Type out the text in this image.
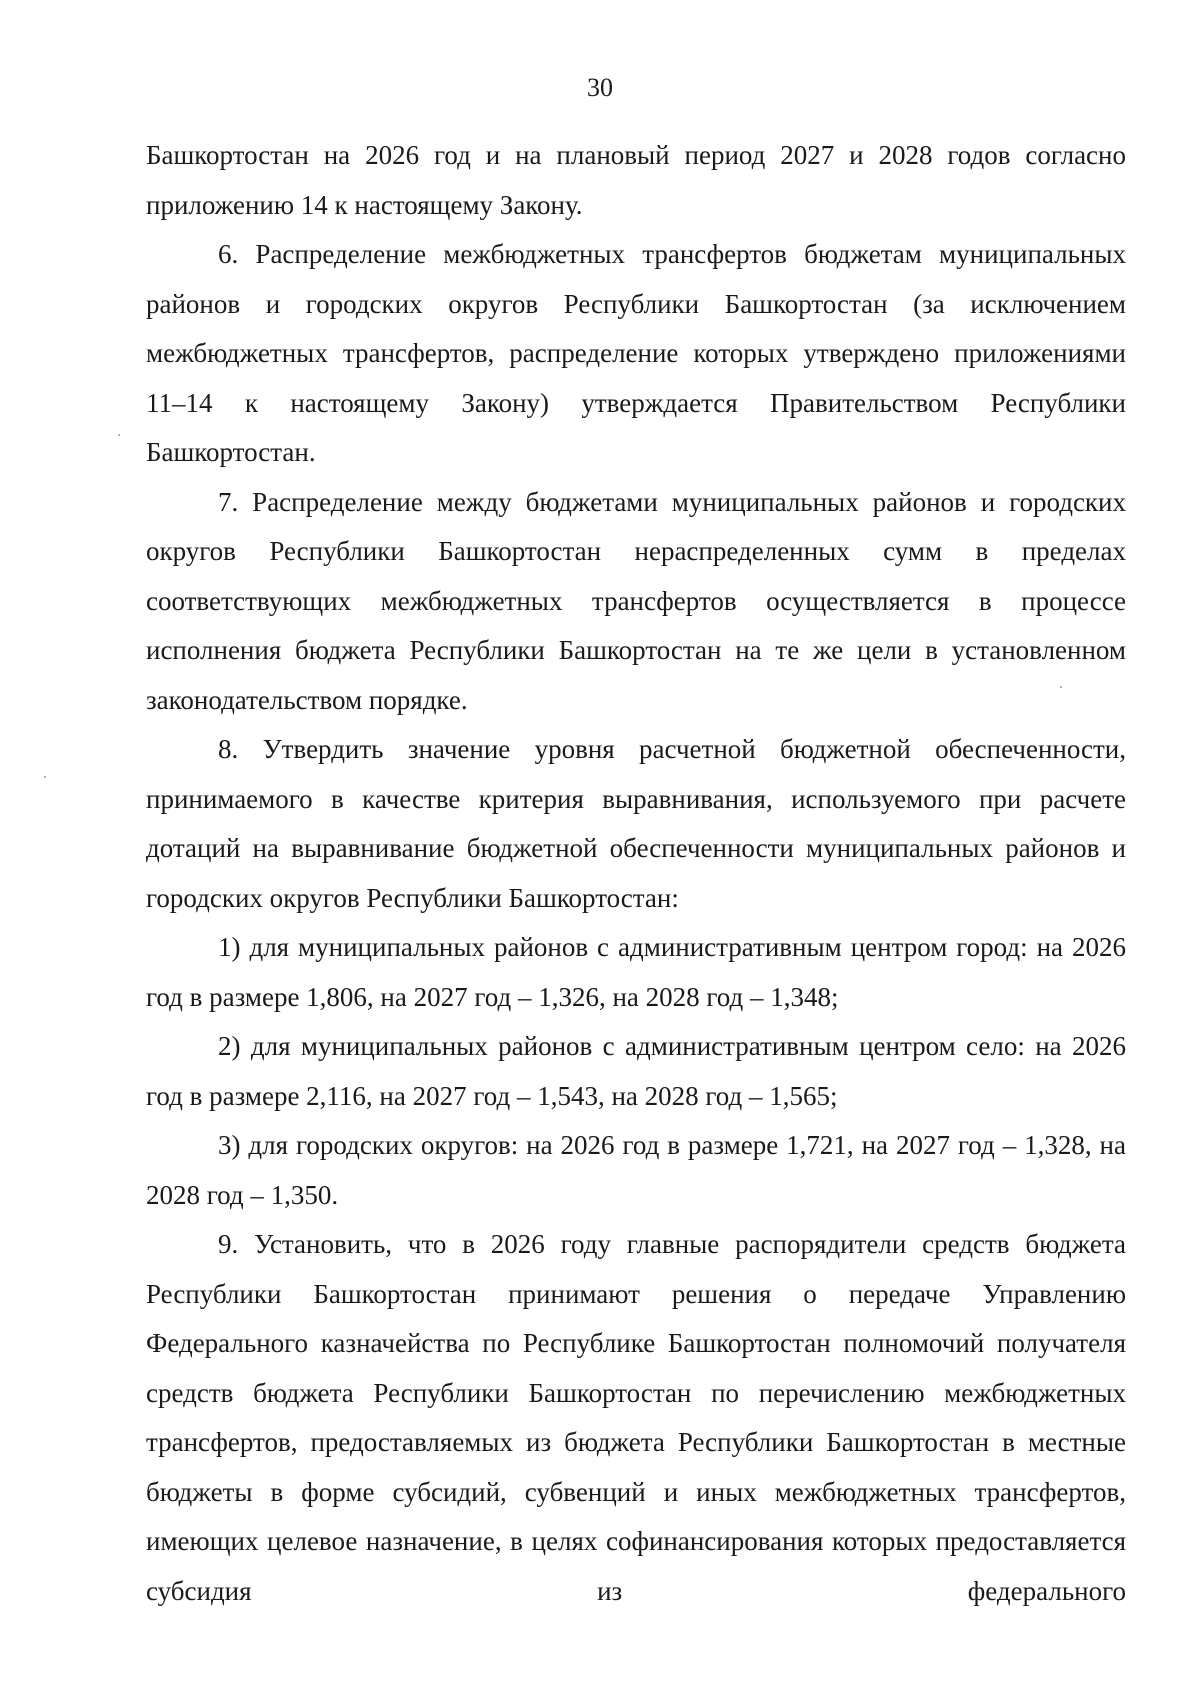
30

Башкортостан на 2026 год и на плановый период 2027 и 2028 годов согласно приложению 14 к настоящему Закону.

6. Распределение межбюджетных трансфертов бюджетам муниципальных районов и городских округов Республики Башкортостан (за исключением межбюджетных трансфертов, распределение которых утверждено приложениями 11–14 к настоящему Закону) утверждается Правительством Республики Башкортостан.

7. Распределение между бюджетами муниципальных районов и городских округов Республики Башкортостан нераспределенных сумм в пределах соответствующих межбюджетных трансфертов осуществляется в процессе исполнения бюджета Республики Башкортостан на те же цели в установленном законодательством порядке.

8. Утвердить значение уровня расчетной бюджетной обеспеченности, принимаемого в качестве критерия выравнивания, используемого при расчете дотаций на выравнивание бюджетной обеспеченности муниципальных районов и городских округов Республики Башкортостан:

1) для муниципальных районов с административным центром город: на 2026 год в размере 1,806, на 2027 год – 1,326, на 2028 год – 1,348;

2) для муниципальных районов с административным центром село: на 2026 год в размере 2,116, на 2027 год – 1,543, на 2028 год – 1,565;

3) для городских округов: на 2026 год в размере 1,721, на 2027 год – 1,328, на 2028 год – 1,350.

9. Установить, что в 2026 году главные распорядители средств бюджета Республики Башкортостан принимают решения о передаче Управлению Федерального казначейства по Республике Башкортостан полномочий получателя средств бюджета Республики Башкортостан по перечислению межбюджетных трансфертов, предоставляемых из бюджета Республики Башкортостан в местные бюджеты в форме субсидий, субвенций и иных межбюджетных трансфертов, имеющих целевое назначение, в целях софинансирования которых предоставляется субсидия из федерального
